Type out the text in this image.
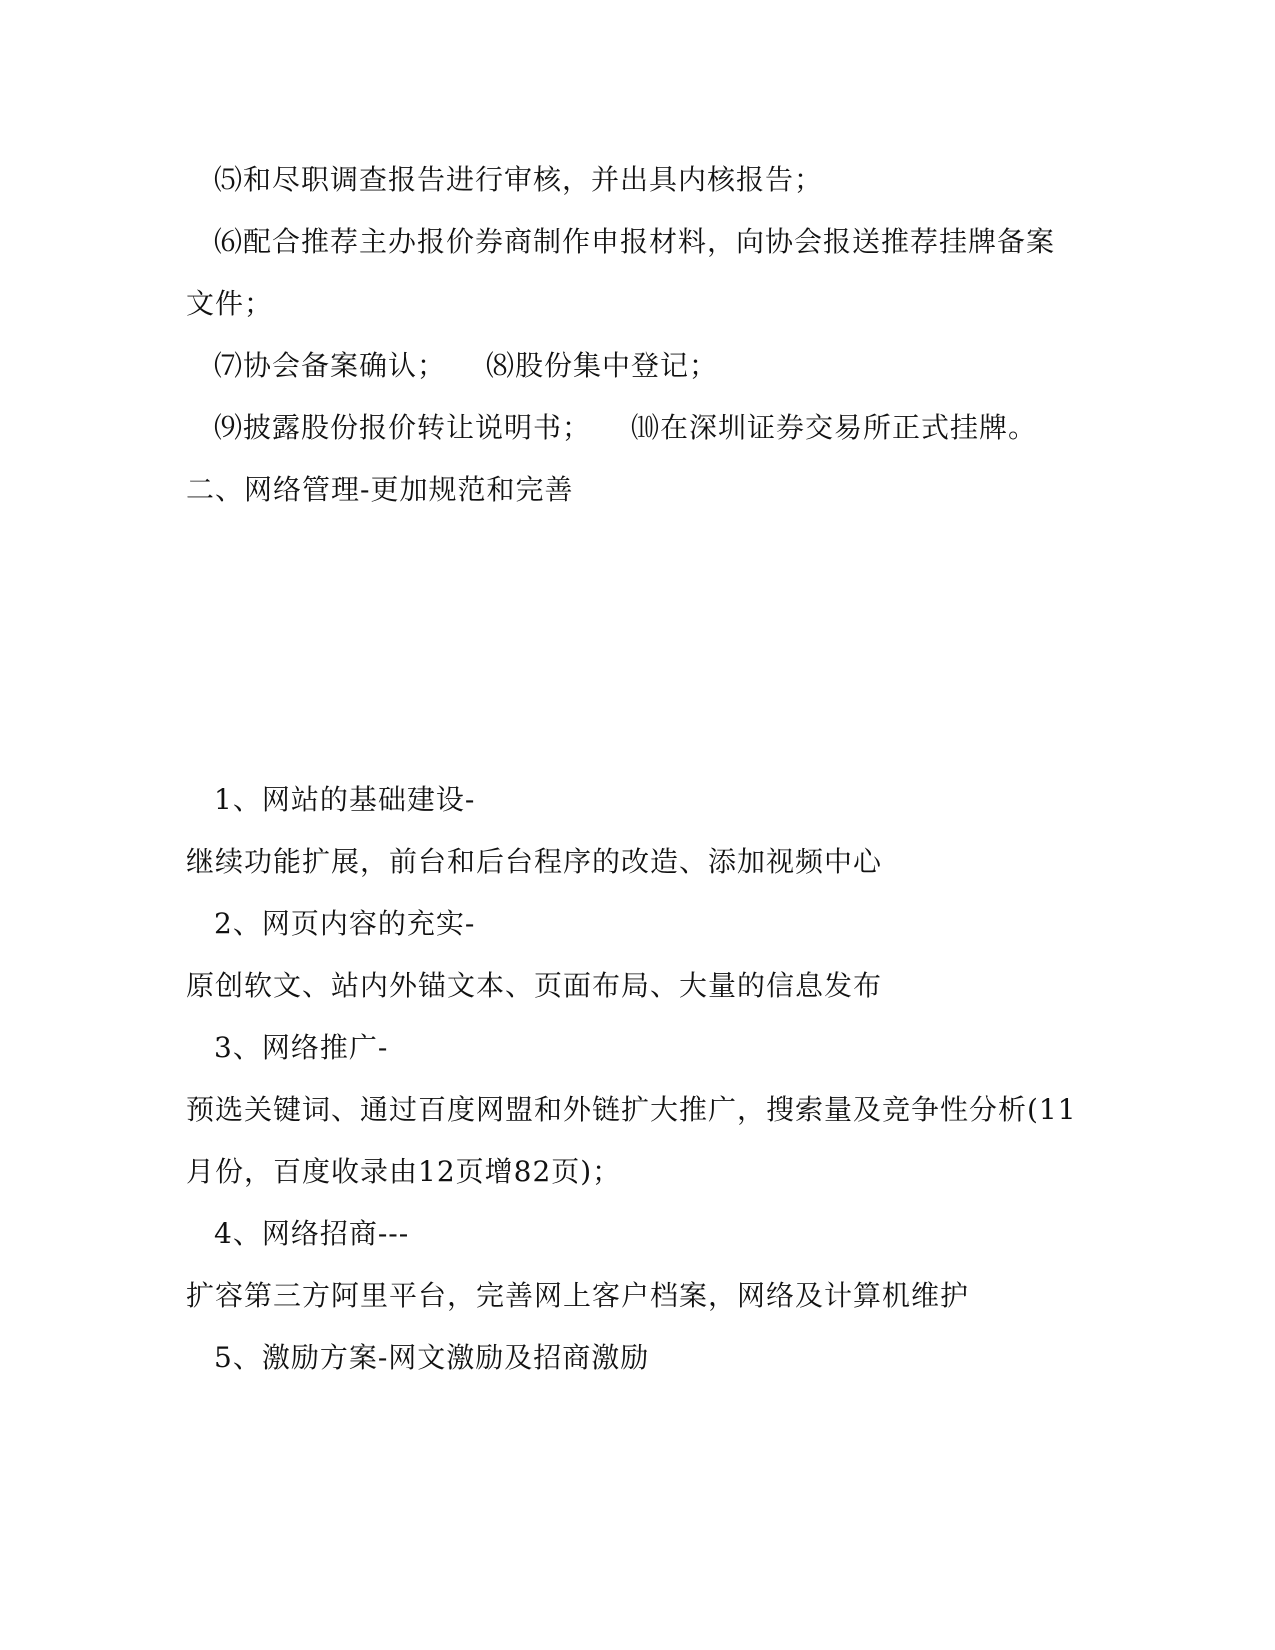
⑸和尽职调查报告进行审核，并出具内核报告；
⑹配合推荐主办报价券商制作申报材料，向协会报送推荐挂牌备案
文件；
⑺协会备案确认； ⑻股份集中登记；
⑼披露股份报价转让说明书； ⑽在深圳证券交易所正式挂牌。
二、网络管理-更加规范和完善
1、网站的基础建设-
继续功能扩展，前台和后台程序的改造、添加视频中心
2、网页内容的充实-
原创软文、站内外锚文本、页面布局、大量的信息发布
3、网络推广-
预选关键词、通过百度网盟和外链扩大推广，搜索量及竞争性分析(11
月份，百度收录由12页增82页)；
4、网络招商---
扩容第三方阿里平台，完善网上客户档案，网络及计算机维护
5、激励方案-网文激励及招商激励
